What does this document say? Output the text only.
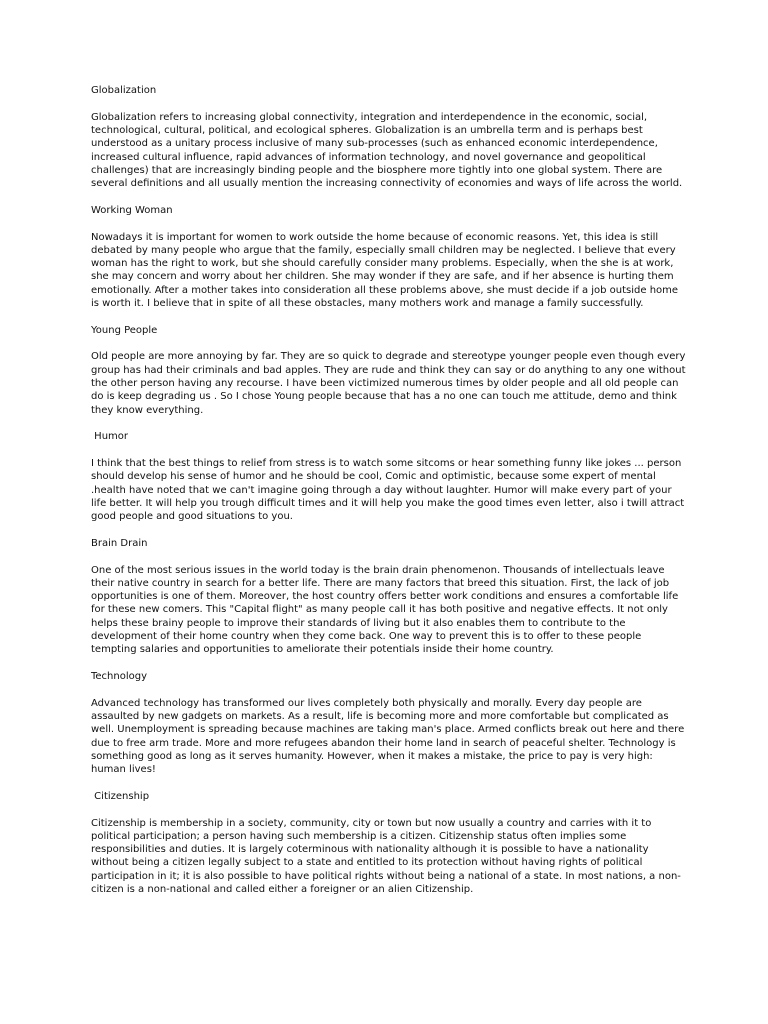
Globalization

Globalization refers to increasing global connectivity, integration and interdependence in the economic, social, technological, cultural, political, and ecological spheres. Globalization is an umbrella term and is perhaps best understood as a unitary process inclusive of many sub-processes (such as enhanced economic interdependence, increased cultural influence, rapid advances of information technology, and novel governance and geopolitical challenges) that are increasingly binding people and the biosphere more tightly into one global system. There are several definitions and all usually mention the increasing connectivity of economies and ways of life across the world.

Working Woman

Nowadays it is important for women to work outside the home because of economic reasons. Yet, this idea is still debated by many people who argue that the family, especially small children may be neglected. I believe that every woman has the right to work, but she should carefully consider many problems. Especially, when the she is at work, she may concern and worry about her children. She may wonder if they are safe, and if her absence is hurting them emotionally. After a mother takes into consideration all these problems above, she must decide if a job outside home is worth it. I believe that in spite of all these obstacles, many mothers work and manage a family successfully.

Young People

Old people are more annoying by far. They are so quick to degrade and stereotype younger people even though every group has had their criminals and bad apples. They are rude and think they can say or do anything to any one without the other person having any recourse. I have been victimized numerous times by older people and all old people can do is keep degrading us . So I chose Young people because that has a no one can touch me attitude, demo and think they know everything.

Humor

I think that the best things to relief from stress is to watch some sitcoms or hear something funny like jokes ... person should develop his sense of humor and he should be cool, Comic and optimistic, because some expert of mental .health have noted that we can't imagine going through a day without laughter. Humor will make every part of your life better. It will help you trough difficult times and it will help you make the good times even letter, also i twill attract good people and good situations to you.

Brain Drain

One of the most serious issues in the world today is the brain drain phenomenon. Thousands of intellectuals leave their native country in search for a better life. There are many factors that breed this situation. First, the lack of job opportunities is one of them. Moreover, the host country offers better work conditions and ensures a comfortable life for these new comers. This "Capital flight" as many people call it has both positive and negative effects. It not only helps these brainy people to improve their standards of living but it also enables them to contribute to the development of their home country when they come back. One way to prevent this is to offer to these people tempting salaries and opportunities to ameliorate their potentials inside their home country.

Technology

Advanced technology has transformed our lives completely both physically and morally. Every day people are assaulted by new gadgets on markets. As a result, life is becoming more and more comfortable but complicated as well. Unemployment is spreading because machines are taking man's place. Armed conflicts break out here and there due to free arm trade. More and more refugees abandon their home land in search of peaceful shelter. Technology is something good as long as it serves humanity. However, when it makes a mistake, the price to pay is very high: human lives!

Citizenship

Citizenship is membership in a society, community, city or town but now usually a country and carries with it to political participation; a person having such membership is a citizen. Citizenship status often implies some responsibilities and duties. It is largely coterminous with nationality although it is possible to have a nationality without being a citizen legally subject to a state and entitled to its protection without having rights of political participation in it; it is also possible to have political rights without being a national of a state. In most nations, a non-citizen is a non-national and called either a foreigner or an alien Citizenship.
